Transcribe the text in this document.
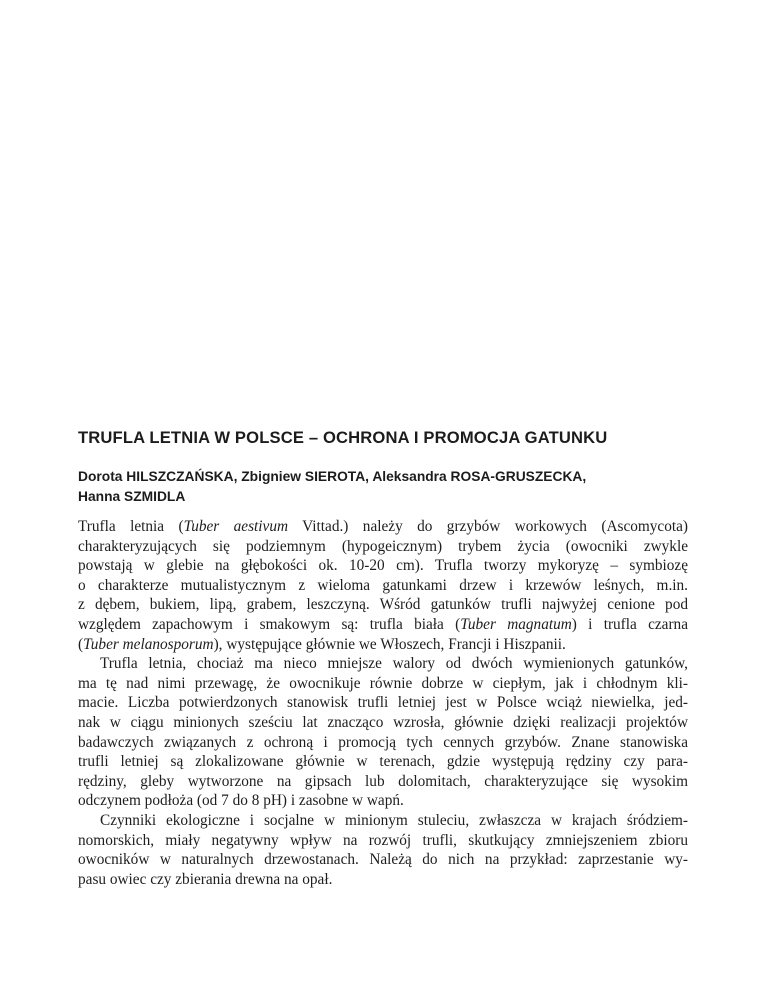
TRUFLA LETNIA W POLSCE – OCHRONA I PROMOCJA GATUNKU
Dorota HILSZCZAŃSKA, Zbigniew SIEROTA, Aleksandra ROSA-GRUSZECKA,
Hanna SZMIDLA

Trufla letnia (Tuber aestivum Vittad.) należy do grzybów workowych (Ascomycota)
charakteryzujących się podziemnym (hypogeicznym) trybem życia (owocniki zwykle
powstają w glebie na głębokości ok. 10-20 cm). Trufla tworzy mykoryzę – symbiozę
o charakterze mutualistycznym z wieloma gatunkami drzew i krzewów leśnych, m.in.
z dębem, bukiem, lipą, grabem, leszczyną. Wśród gatunków trufli najwyżej cenione pod
względem zapachowym i smakowym są: trufla biała (Tuber magnatum) i trufla czarna
(Tuber melanosporum), występujące głównie we Włoszech, Francji i Hiszpanii.

Trufla letnia, chociaż ma nieco mniejsze walory od dwóch wymienionych gatunków,
ma tę nad nimi przewagę, że owocnikuje równie dobrze w ciepłym, jak i chłodnym kli-
macie. Liczba potwierdzonych stanowisk trufli letniej jest w Polsce wciąż niewielka, jed-
nak w ciągu minionych sześciu lat znacząco wzrosła, głównie dzięki realizacji projektów
badawczych związanych z ochroną i promocją tych cennych grzybów. Znane stanowiska
trufli letniej są zlokalizowane głównie w terenach, gdzie występują rędziny czy para-
rędziny, gleby wytworzone na gipsach lub dolomitach, charakteryzujące się wysokim
odczynem podłoża (od 7 do 8 pH) i zasobne w wapń.

Czynniki ekologiczne i socjalne w minionym stuleciu, zwłaszcza w krajach śródziem-
nomorskich, miały negatywny wpływ na rozwój trufli, skutkujący zmniejszeniem zbioru
owocników w naturalnych drzewostanach. Należą do nich na przykład: zaprzestanie wy-
pasu owiec czy zbierania drewna na opał.
